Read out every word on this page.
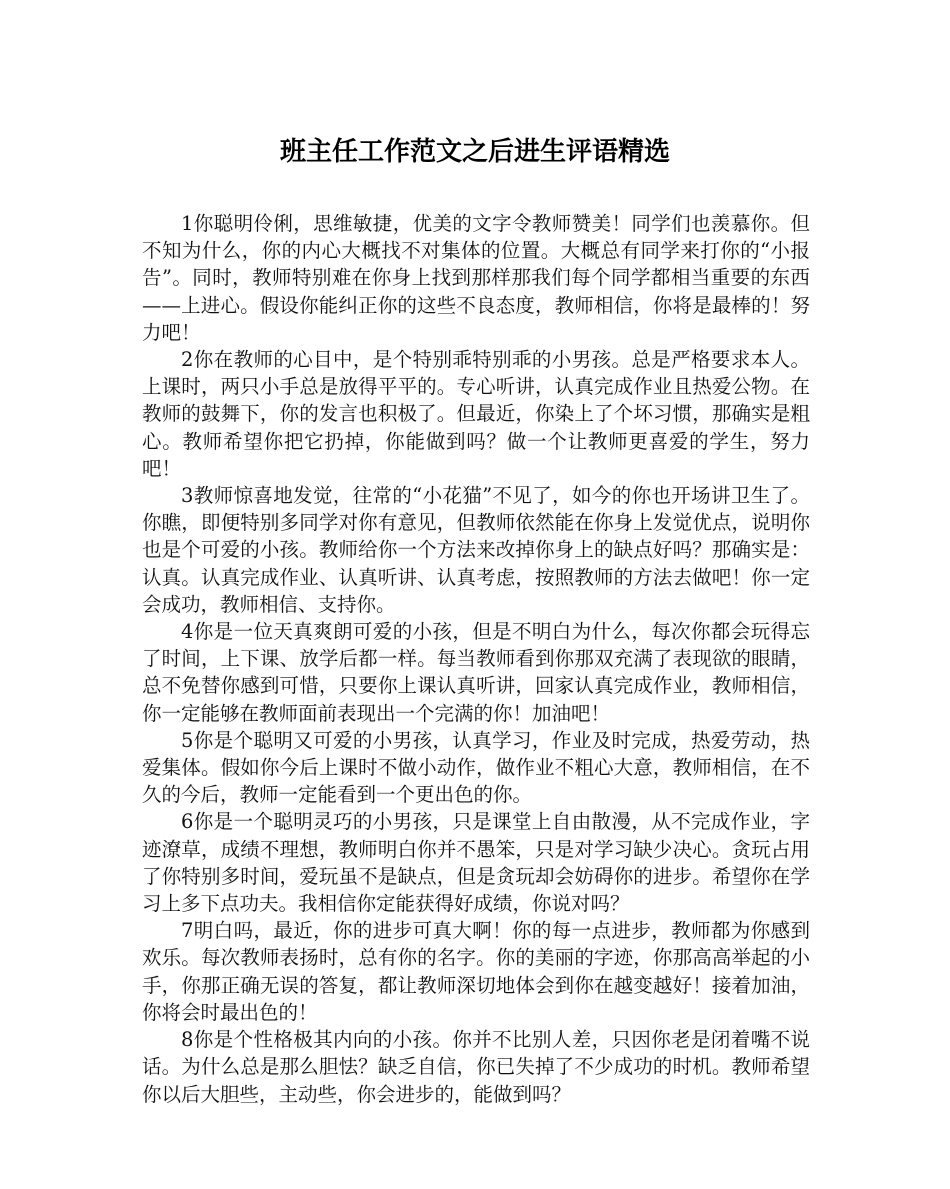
班主任工作范文之后进生评语精选

1你聪明伶俐，思维敏捷，优美的文字令教师赞美！同学们也羡慕你。但不知为什么，你的内心大概找不对集体的位置。大概总有同学来打你的“小报告”。同时，教师特别难在你身上找到那样那我们每个同学都相当重要的东西——上进心。假设你能纠正你的这些不良态度，教师相信，你将是最棒的！努力吧！

2你在教师的心目中，是个特别乖特别乖的小男孩。总是严格要求本人。上课时，两只小手总是放得平平的。专心听讲，认真完成作业且热爱公物。在教师的鼓舞下，你的发言也积极了。但最近，你染上了个坏习惯，那确实是粗心。教师希望你把它扔掉，你能做到吗？做一个让教师更喜爱的学生，努力吧！

3教师惊喜地发觉，往常的“小花猫”不见了，如今的你也开场讲卫生了。你瞧，即便特别多同学对你有意见，但教师依然能在你身上发觉优点，说明你也是个可爱的小孩。教师给你一个方法来改掉你身上的缺点好吗？那确实是：认真。认真完成作业、认真听讲、认真考虑，按照教师的方法去做吧！你一定会成功，教师相信、支持你。

4你是一位天真爽朗可爱的小孩，但是不明白为什么，每次你都会玩得忘了时间，上下课、放学后都一样。每当教师看到你那双充满了表现欲的眼睛，总不免替你感到可惜，只要你上课认真听讲，回家认真完成作业，教师相信，你一定能够在教师面前表现出一个完满的你！加油吧！

5你是个聪明又可爱的小男孩，认真学习，作业及时完成，热爱劳动，热爱集体。假如你今后上课时不做小动作，做作业不粗心大意，教师相信，在不久的今后，教师一定能看到一个更出色的你。

6你是一个聪明灵巧的小男孩，只是课堂上自由散漫，从不完成作业，字迹潦草，成绩不理想，教师明白你并不愚笨，只是对学习缺少决心。贪玩占用了你特别多时间，爱玩虽不是缺点，但是贪玩却会妨碍你的进步。希望你在学习上多下点功夫。我相信你定能获得好成绩，你说对吗？

7明白吗，最近，你的进步可真大啊！你的每一点进步，教师都为你感到欢乐。每次教师表扬时，总有你的名字。你的美丽的字迹，你那高高举起的小手，你那正确无误的答复，都让教师深切地体会到你在越变越好！接着加油，你将会时最出色的！

8你是个性格极其内向的小孩。你并不比别人差，只因你老是闭着嘴不说话。为什么总是那么胆怯？缺乏自信，你已失掉了不少成功的时机。教师希望你以后大胆些，主动些，你会进步的，能做到吗？
